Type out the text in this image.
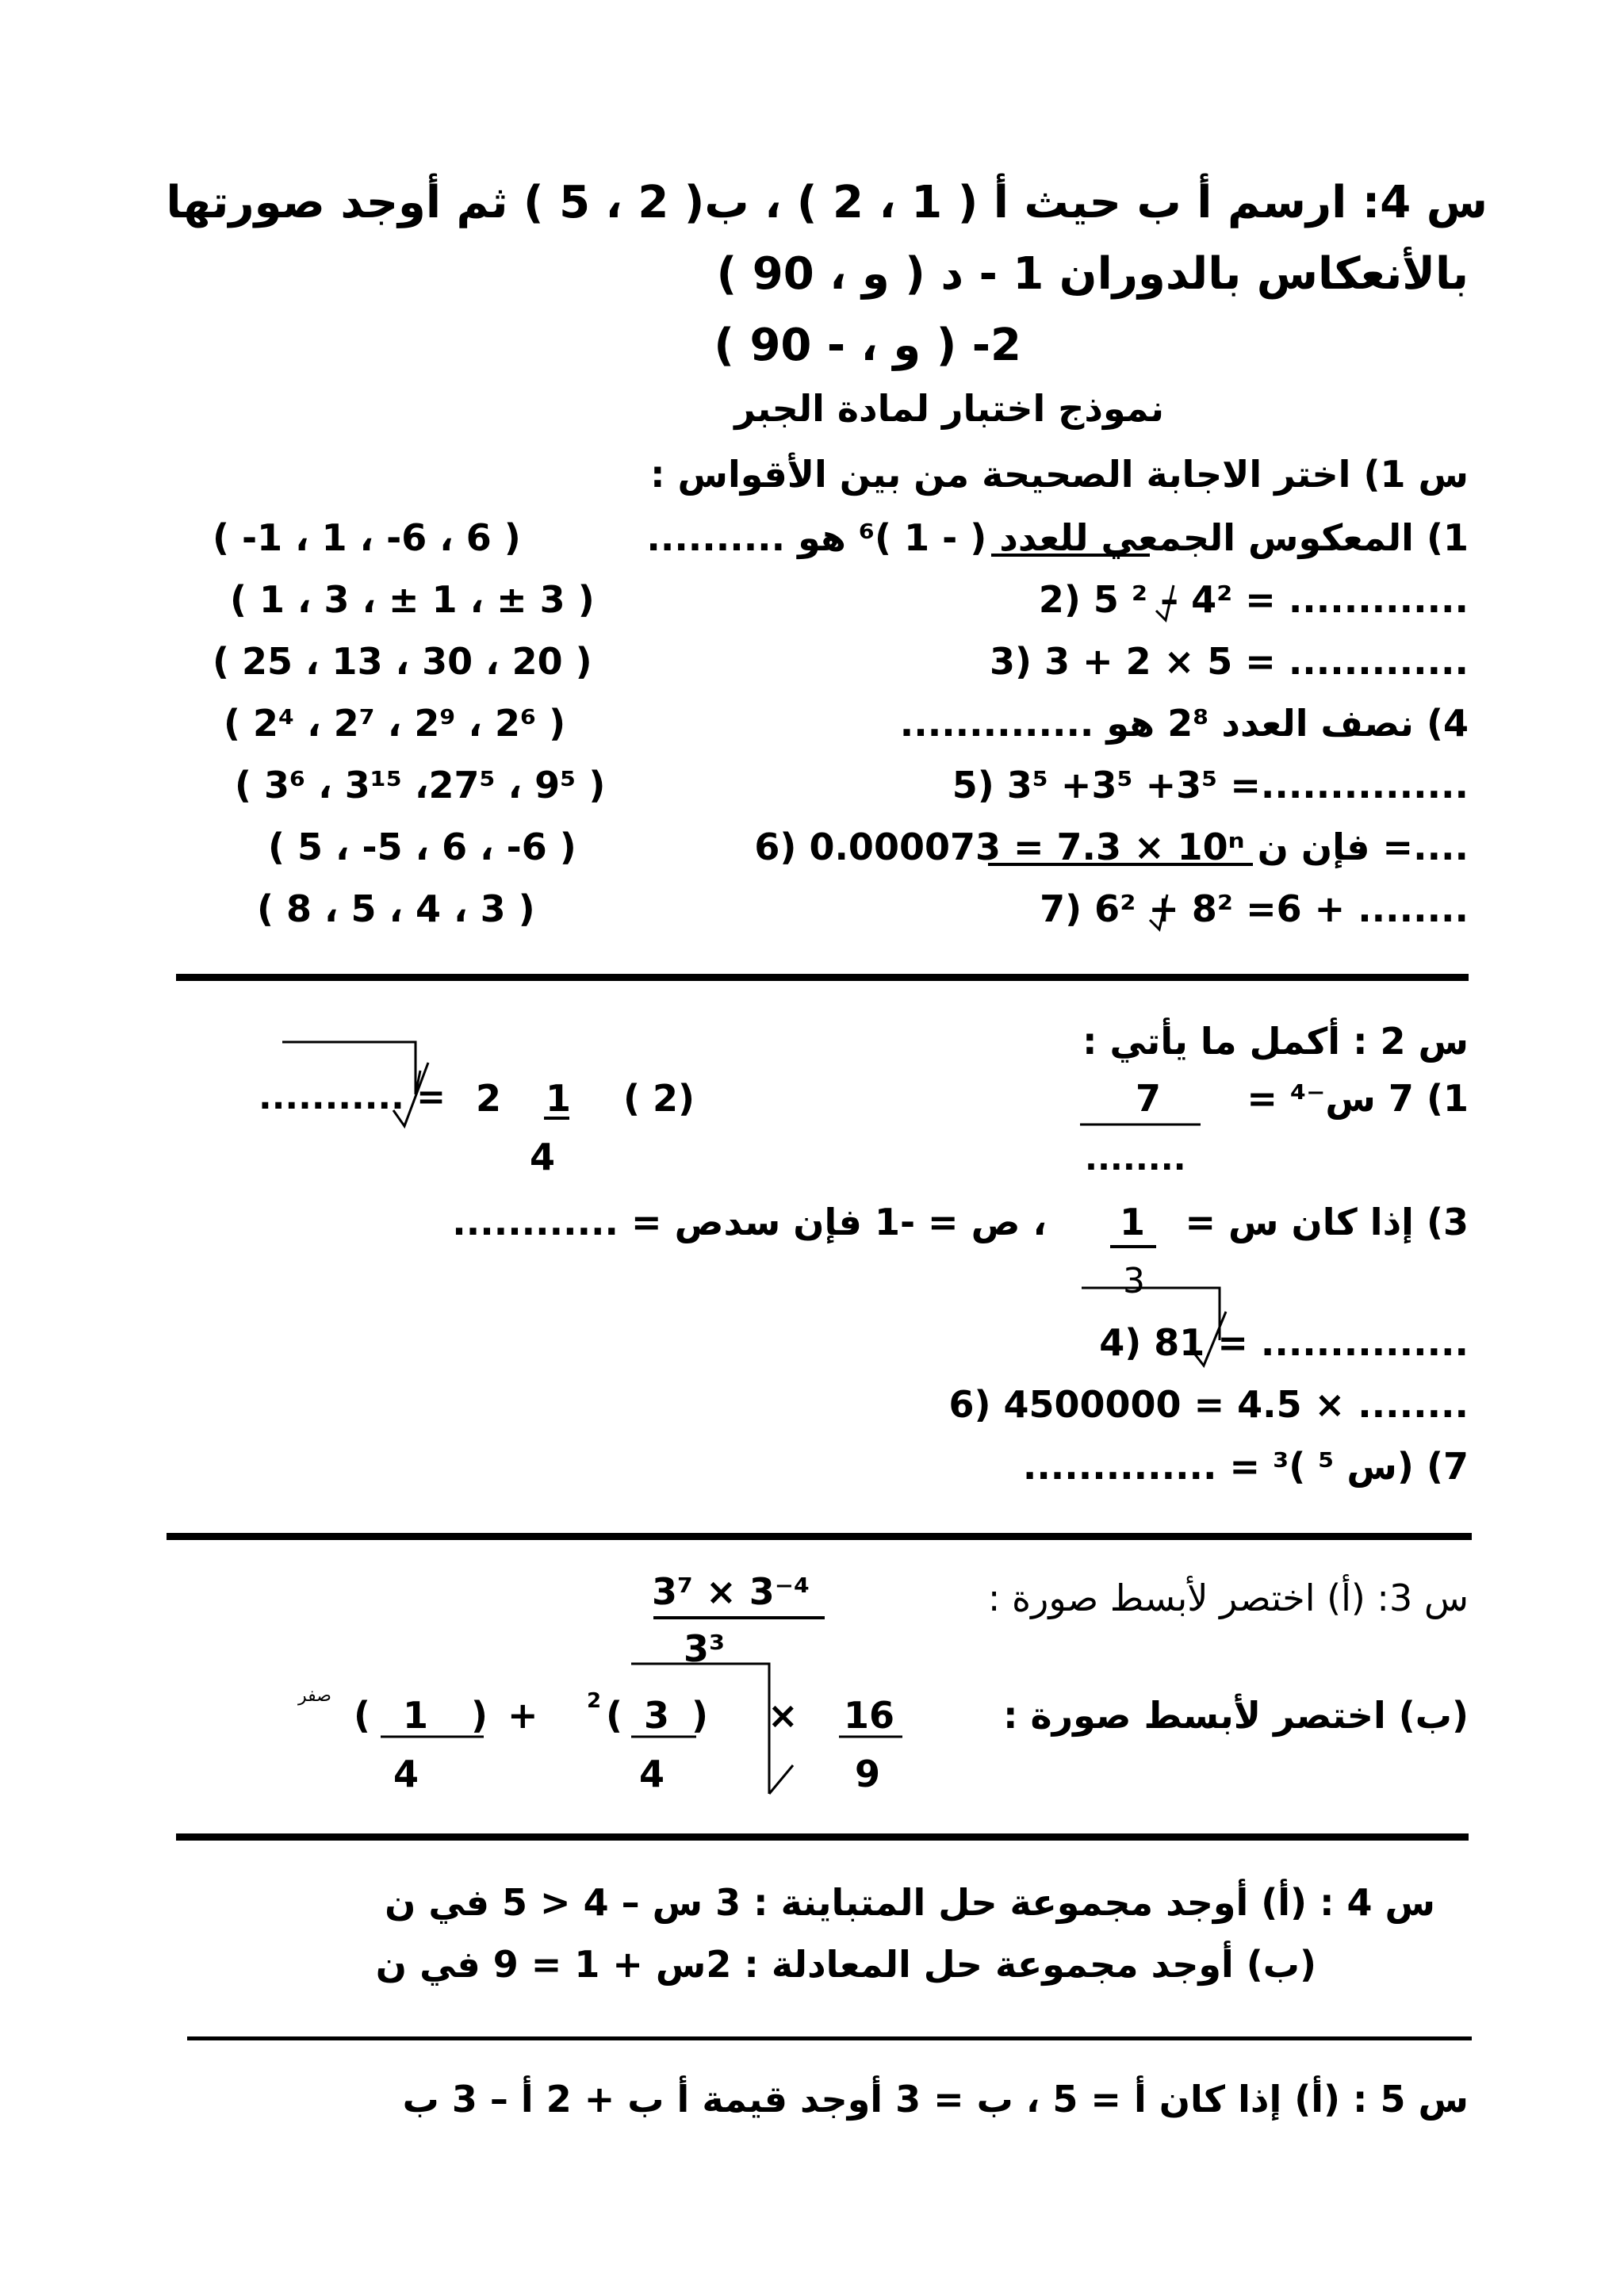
س 4: ارسم أ ب حيث أ ( 1 ، 2 ) ، ب( 2 ، 5 ) ثم أوجد صورتها
بالأنعكاس بالدوران 1 - د ( و ، 90 )
2- ( و ، - 90 )
نموذج اختبار لمادة الجبر
س 1) اختر الاجابة الصحيحة من بين الأقواس :
1) المعكوس الجمعي للعدد ( - 1 )⁶ هو ..........
( -1 ، 1 ، -6 ، 6 )
2) 5 ² – 4² = .............
( 1 ، 3 ، ± 1 ، ± 3 )
3) 3 + 2 × 5 = .............
( 25 ، 13 ، 30 ، 20 )
4) نصف العدد 2⁸ هو ..............
( 2⁴ ، 2⁷ ، 2⁹ ، 2⁶ )
5) 3⁵ +3⁵ +3⁵ =...............
( 3⁶ ، 3¹⁵ ،27⁵ ، 9⁵ )
6) 0.000073 = 7.3 × 10ⁿ فإن ن =....
( 5 ، -5 ، 6 ، -6 )
7) 6² + 8² =6 + ........
( 8 ، 5 ، 4 ، 3 )
س 2 : أكمل ما يأتي :
1) 7 س⁻⁴ =
7
........
( 2)
1
4
2
= ...........
3) إذا كان س =
1
3
، ص = -1 فإن سدص = ............
4) 81 = ...............
6) 4500000 = 4.5 × ........
7) (س ⁵ )³ = ..............
س 3: (أ) اختصر لأبسط صورة :
3⁻⁴ × 3⁷
3³
(ب) اختصر لأبسط صورة :
16
9
×
3
4
)
(
2
+
)
1
(
4
صفر
س 4 : (أ) أوجد مجموعة حل المتباينة : 3 س – 4 < 5 في ن
(ب) أوجد مجموعة حل المعادلة : 2س + 1 = 9 في ن
س 5 : (أ) إذا كان أ = 5 ، ب = 3 أوجد قيمة أ ب + 2 أ – 3 ب
